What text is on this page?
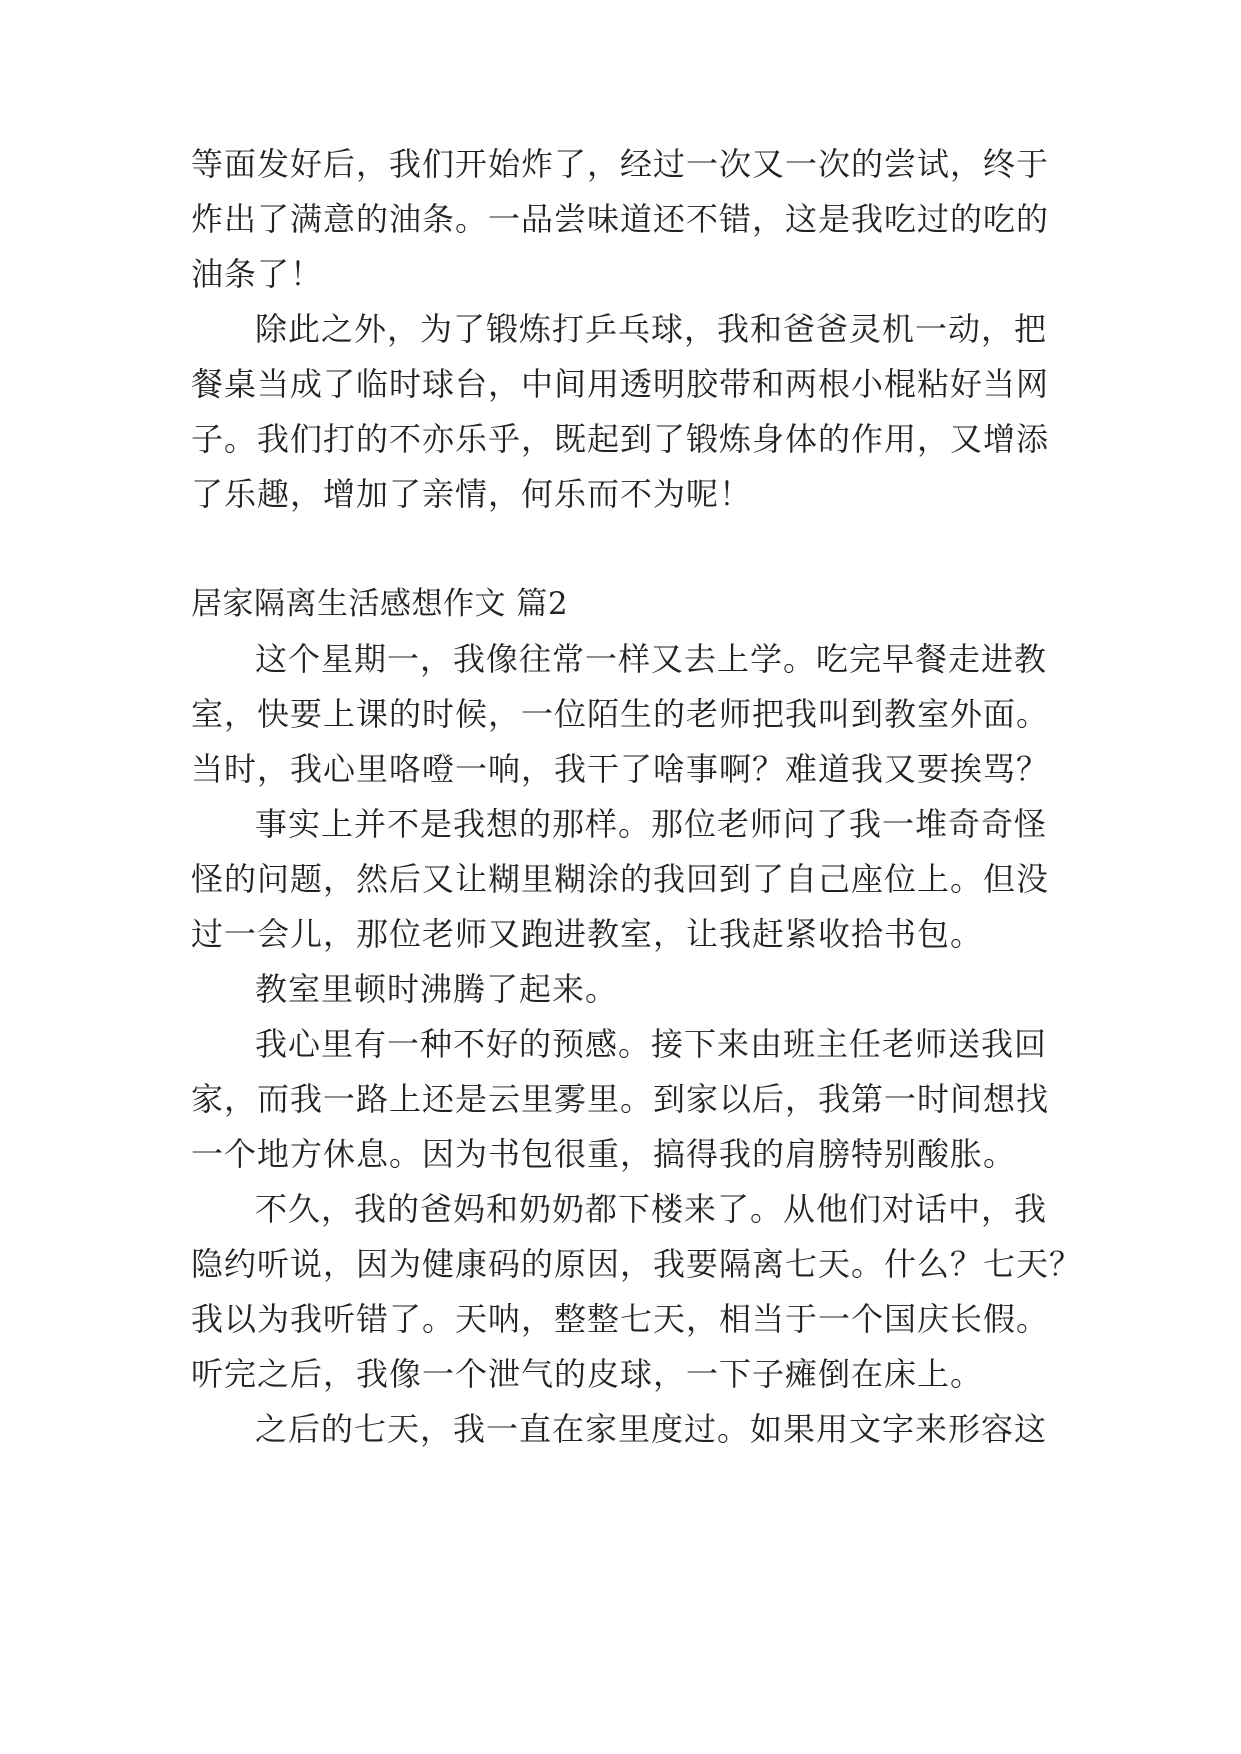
等面发好后，我们开始炸了，经过一次又一次的尝试，终于
炸出了满意的油条。一品尝味道还不错，这是我吃过的吃的
油条了！
除此之外，为了锻炼打乒乓球，我和爸爸灵机一动，把
餐桌当成了临时球台，中间用透明胶带和两根小棍粘好当网
子。我们打的不亦乐乎，既起到了锻炼身体的作用，又增添
了乐趣，增加了亲情，何乐而不为呢！
居家隔离生活感想作文 篇2
这个星期一，我像往常一样又去上学。吃完早餐走进教
室，快要上课的时候，一位陌生的老师把我叫到教室外面。
当时，我心里咯噔一响，我干了啥事啊？难道我又要挨骂？
事实上并不是我想的那样。那位老师问了我一堆奇奇怪
怪的问题，然后又让糊里糊涂的我回到了自己座位上。但没
过一会儿，那位老师又跑进教室，让我赶紧收拾书包。
教室里顿时沸腾了起来。
我心里有一种不好的预感。接下来由班主任老师送我回
家，而我一路上还是云里雾里。到家以后，我第一时间想找
一个地方休息。因为书包很重，搞得我的肩膀特别酸胀。
不久，我的爸妈和奶奶都下楼来了。从他们对话中，我
隐约听说，因为健康码的原因，我要隔离七天。什么？七天？
我以为我听错了。天呐，整整七天，相当于一个国庆长假。
听完之后，我像一个泄气的皮球，一下子瘫倒在床上。
之后的七天，我一直在家里度过。如果用文字来形容这
